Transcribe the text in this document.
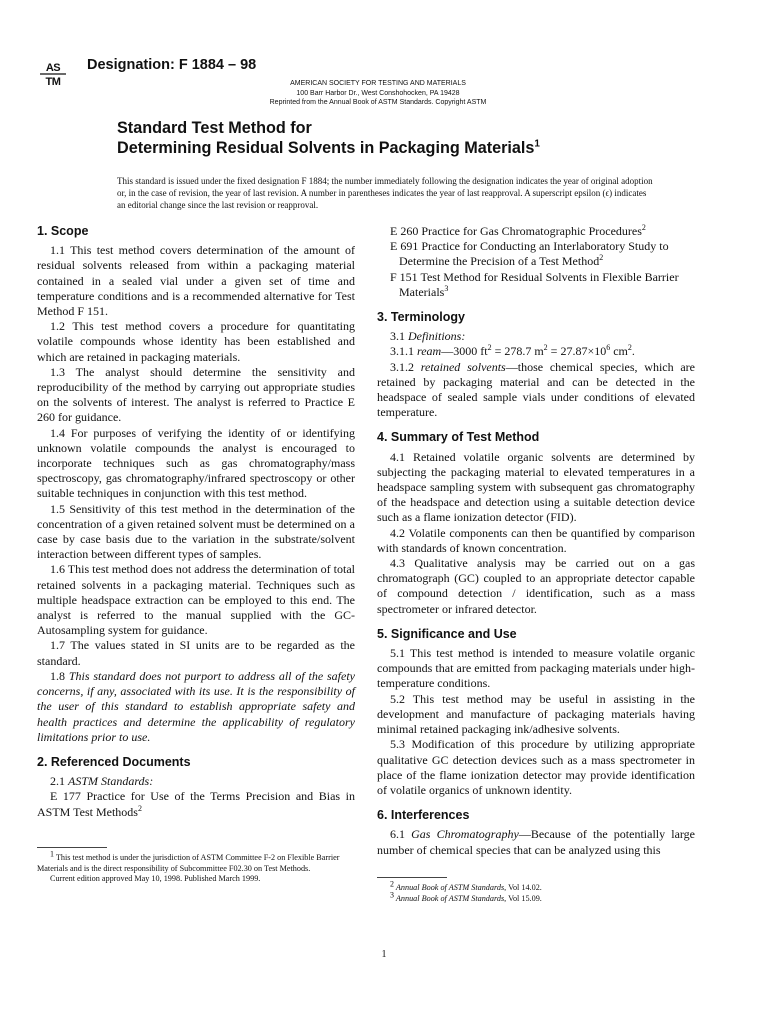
AS
TM
Designation: F 1884 – 98
AMERICAN SOCIETY FOR TESTING AND MATERIALS
100 Barr Harbor Dr., West Conshohocken, PA 19428
Reprinted from the Annual Book of ASTM Standards. Copyright ASTM
Standard Test Method for
Determining Residual Solvents in Packaging Materials$^1$
This standard is issued under the fixed designation F 1884; the number immediately following the designation indicates the year of original adoption or, in the case of revision, the year of last revision. A number in parentheses indicates the year of last reapproval. A superscript epsilon (ϵ) indicates an editorial change since the last revision or reapproval.
1. Scope

1.1 This test method covers determination of the amount of residual solvents released from within a packaging material contained in a sealed vial under a given set of time and temperature conditions and is a recommended alternative for Test Method F 151.

1.2 This test method covers a procedure for quantitating volatile compounds whose identity has been established and which are retained in packaging materials.

1.3 The analyst should determine the sensitivity and reproducibility of the method by carrying out appropriate studies on the solvents of interest. The analyst is referred to Practice E 260 for guidance.

1.4 For purposes of verifying the identity of or identifying unknown volatile compounds the analyst is encouraged to incorporate techniques such as gas chromatography/mass spectroscopy, gas chromatography/infrared spectroscopy or other suitable techniques in conjunction with this test method.

1.5 Sensitivity of this test method in the determination of the concentration of a given retained solvent must be determined on a case by case basis due to the variation in the substrate/solvent interaction between different types of samples.

1.6 This test method does not address the determination of total retained solvents in a packaging material. Techniques such as multiple headspace extraction can be employed to this end. The analyst is referred to the manual supplied with the GC-Autosampling system for guidance.

1.7 The values stated in SI units are to be regarded as the standard.

1.8 This standard does not purport to address all of the safety concerns, if any, associated with its use. It is the responsibility of the user of this standard to establish appropriate safety and health practices and determine the applicability of regulatory limitations prior to use.

2. Referenced Documents

2.1 ASTM Standards:

E 177 Practice for Use of the Terms Precision and Bias in ASTM Test Methods$^2$

E 260 Practice for Gas Chromatographic Procedures$^2$

E 691 Practice for Conducting an Interlaboratory Study to Determine the Precision of a Test Method$^2$

F 151 Test Method for Residual Solvents in Flexible Barrier Materials$^3$

3. Terminology

3.1 Definitions:

3.1.1 ream—3000 $ft^2 = 278.7$ $m^2 = 27.87\times 10^6$ $cm^2$.

3.1.2 retained solvents—those chemical species, which are retained by packaging material and can be detected in the headspace of sealed sample vials under conditions of elevated temperature.

4. Summary of Test Method

4.1 Retained volatile organic solvents are determined by subjecting the packaging material to elevated temperatures in a headspace sampling system with subsequent gas chromatography of the headspace and detection using a suitable detection device such as a flame ionization detector (FID).

4.2 Volatile components can then be quantified by comparison with standards of known concentration.

4.3 Qualitative analysis may be carried out on a gas chromatograph (GC) coupled to an appropriate detector capable of compound detection / identification, such as a mass spectrometer or infrared detector.

5. Significance and Use

5.1 This test method is intended to measure volatile organic compounds that are emitted from packaging materials under high-temperature conditions.

5.2 This test method may be useful in assisting in the development and manufacture of packaging materials having minimal retained packaging ink/adhesive solvents.

5.3 Modification of this procedure by utilizing appropriate qualitative GC detection devices such as a mass spectrometer in place of the flame ionization detector may provide identification of volatile organics of unknown identity.

6. Interferences

6.1 Gas Chromatography—Because of the potentially large number of chemical species that can be analyzed using this

$^1$ This test method is under the jurisdiction of ASTM Committee F-2 on Flexible Barrier Materials and is the direct responsibility of Subcommittee F02.30 on Test Methods.

Current edition approved May 10, 1998. Published March 1999.

$^2$ Annual Book of ASTM Standards, Vol 14.02.

$^3$ Annual Book of ASTM Standards, Vol 15.09.

1
